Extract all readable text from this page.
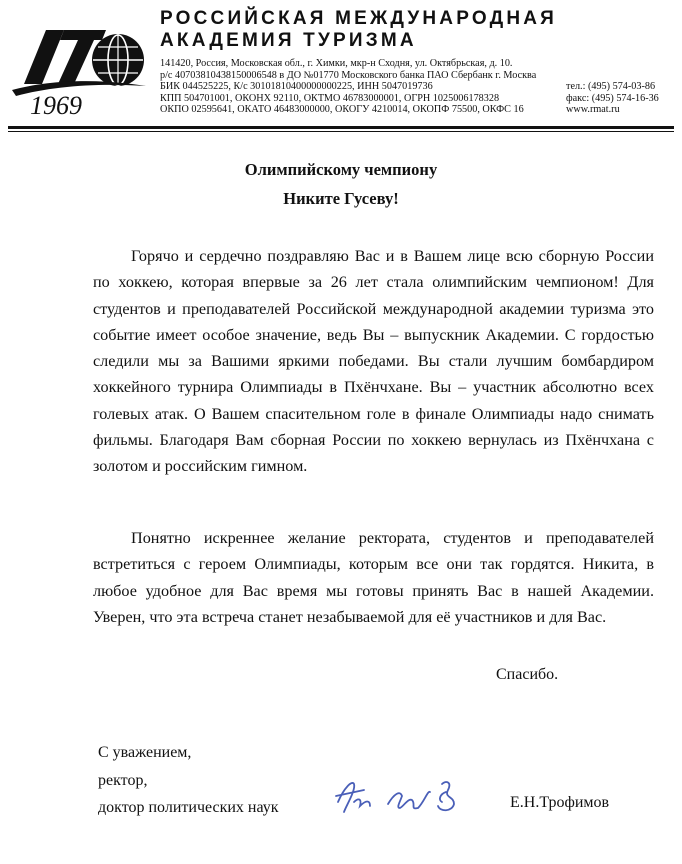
1969
РОССИЙСКАЯ МЕЖДУНАРОДНАЯ
АКАДЕМИЯ ТУРИЗМА
141420, Россия, Московская обл., г. Химки, мкр-н Сходня, ул. Октябрьская, д. 10.
р/с 40703810438150006548 в ДО №01770 Московского банка ПАО Сбербанк г. Москва
БИК 044525225, К/с 30101810400000000225, ИНН 5047019736
КПП 504701001, ОКОНХ 92110, ОКТМО 46783000001, ОГРН 1025006178328
ОКПО 02595641, ОКАТО 46483000000, ОКОГУ 4210014, ОКОПФ 75500, ОКФС 16
тел.: (495) 574-03-86
факс: (495) 574-16-36
www.rmat.ru
Олимпийскому чемпиону
Никите Гусеву!
Горячо и сердечно поздравляю Вас и в Вашем лице всю сборную России по хоккею, которая впервые за 26 лет стала олимпийским чемпионом! Для студентов и преподавателей Российской международной академии туризма это событие имеет особое значение, ведь Вы – выпускник Академии. С гордостью следили мы за Вашими яркими победами. Вы стали лучшим бомбардиром хоккейного турнира Олимпиады в Пхёнчхане. Вы – участник абсолютно всех голевых атак. О Вашем спасительном голе в финале Олимпиады надо снимать фильмы. Благодаря Вам сборная России по хоккею вернулась из Пхёнчхана с золотом и российским гимном.
Понятно искреннее желание ректората, студентов и преподавателей встретиться с героем Олимпиады, которым все они так гордятся. Никита, в любое удобное для Вас время мы готовы принять Вас в нашей Академии. Уверен, что эта встреча станет незабываемой для её участников и для Вас.
Спасибо.
С уважением,
ректор,
доктор политических наук	Е.Н.Трофимов
